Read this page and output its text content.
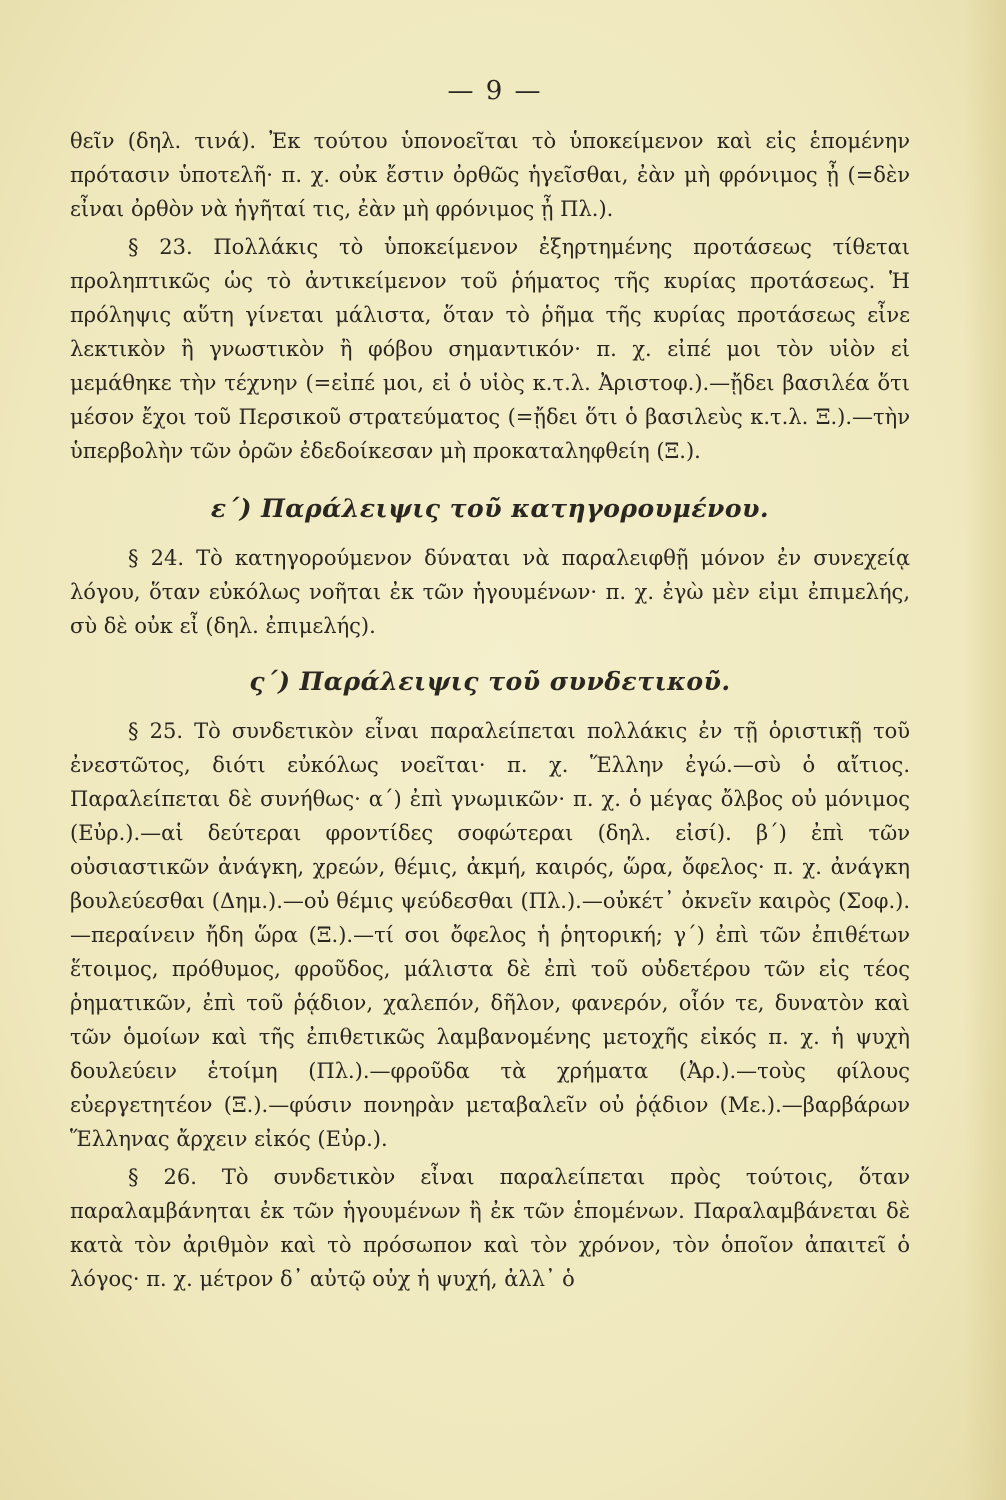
— 9 —

θεῖν (δηλ. τινά). Ἐκ τούτου ὑπονοεῖται τὸ ὑποκείμενον καὶ εἰς ἑπομένην πρότασιν ὑποτελῆ· π. χ. οὐκ ἔστιν ὀρθῶς ἡγεῖσθαι, ἐὰν μὴ φρόνιμος ᾖ (=δὲν εἶναι ὀρθὸν νὰ ἡγῆταί τις, ἐὰν μὴ φρόνιμος ᾖ Πλ.).

§ 23. Πολλάκις τὸ ὑποκείμενον ἐξηρτημένης προτάσεως τίθεται προληπτικῶς ὡς τὸ ἀντικείμενον τοῦ ῥήματος τῆς κυρίας προτάσεως. Ἡ πρόληψις αὕτη γίνεται μάλιστα, ὅταν τὸ ῥῆμα τῆς κυρίας προτάσεως εἶνε λεκτικὸν ἢ γνωστικὸν ἢ φόβου σημαντικόν· π. χ. εἰπέ μοι τὸν υἱὸν εἰ μεμάθηκε τὴν τέχνην (=εἰπέ μοι, εἰ ὁ υἱὸς κ.τ.λ. Ἀριστοφ.).—ᾔδει βασιλέα ὅτι μέσον ἔχοι τοῦ Περσικοῦ στρατεύματος (=ᾔδει ὅτι ὁ βασιλεὺς κ.τ.λ. Ξ.).—τὴν ὑπερβολὴν τῶν ὀρῶν ἐδεδοίκεσαν μὴ προκαταληφθείη (Ξ.).

ε΄) Παράλειψις τοῦ κατηγορουμένου.

§ 24. Τὸ κατηγορούμενον δύναται νὰ παραλειφθῇ μόνον ἐν συνεχείᾳ λόγου, ὅταν εὐκόλως νοῆται ἐκ τῶν ἡγουμένων· π. χ. ἐγὼ μὲν εἰμι ἐπιμελής, σὺ δὲ οὐκ εἶ (δηλ. ἐπιμελής).

ς΄) Παράλειψις τοῦ συνδετικοῦ.

§ 25. Τὸ συνδετικὸν εἶναι παραλείπεται πολλάκις ἐν τῇ ὁριστικῇ τοῦ ἐνεστῶτος, διότι εὐκόλως νοεῖται· π. χ. Ἕλλην ἐγώ.—σὺ ὁ αἴτιος. Παραλείπεται δὲ συνήθως· α΄) ἐπὶ γνωμικῶν· π. χ. ὁ μέγας ὄλβος οὐ μόνιμος (Εὐρ.).—αἱ δεύτεραι φροντίδες σοφώτεραι (δηλ. εἰσί). β΄) ἐπὶ τῶν οὐσιαστικῶν ἀνάγκη, χρεών, θέμις, ἀκμή, καιρός, ὥρα, ὄφελος· π. χ. ἀνάγκη βουλεύεσθαι (Δημ.).—οὐ θέμις ψεύδεσθαι (Πλ.).—οὐκέτ᾽ ὀκνεῖν καιρὸς (Σοφ.).—περαίνειν ἤδη ὥρα (Ξ.).—τί σοι ὄφελος ἡ ῥητορική; γ΄) ἐπὶ τῶν ἐπιθέτων ἕτοιμος, πρόθυμος, φροῦδος, μάλιστα δὲ ἐπὶ τοῦ οὐδετέρου τῶν εἰς τέος ῥηματικῶν, ἐπὶ τοῦ ῥᾴδιον, χαλεπόν, δῆλον, φανερόν, οἷόν τε, δυνατὸν καὶ τῶν ὁμοίων καὶ τῆς ἐπιθετικῶς λαμβανομένης μετοχῆς εἰκός π. χ. ἡ ψυχὴ δουλεύειν ἑτοίμη (Πλ.).—φροῦδα τὰ χρήματα (Ἀρ.).—τοὺς φίλους εὐεργετητέον (Ξ.).—φύσιν πονηρὰν μεταβαλεῖν οὐ ῥᾴδιον (Με.).—βαρβάρων Ἕλληνας ἄρχειν εἰκός (Εὐρ.).

§ 26. Τὸ συνδετικὸν εἶναι παραλείπεται πρὸς τούτοις, ὅταν παραλαμβάνηται ἐκ τῶν ἡγουμένων ἢ ἐκ τῶν ἑπομένων. Παραλαμβάνεται δὲ κατὰ τὸν ἀριθμὸν καὶ τὸ πρόσωπον καὶ τὸν χρόνον, τὸν ὁποῖον ἀπαιτεῖ ὁ λόγος· π. χ. μέτρον δ᾽ αὐτῷ οὐχ ἡ ψυχή, ἀλλ᾽ ὁ
